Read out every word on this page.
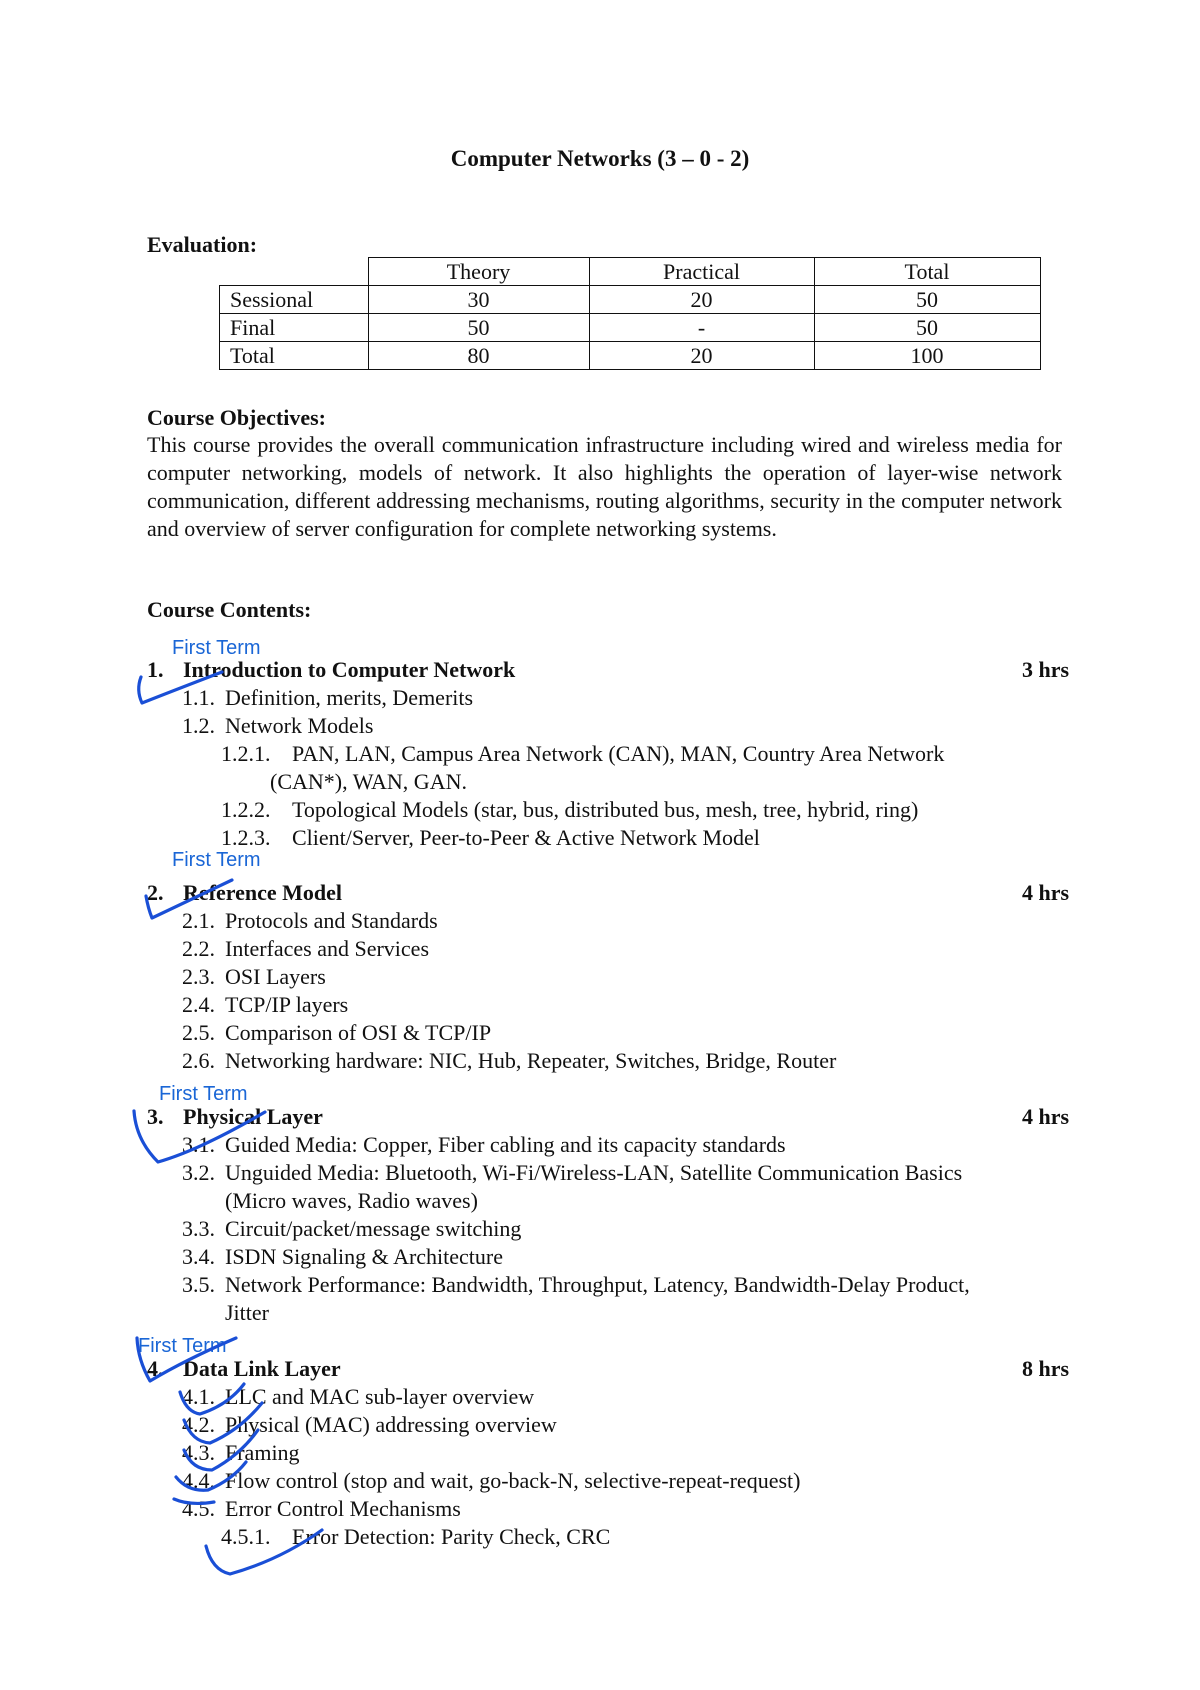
Computer Networks (3 – 0 - 2)
Evaluation:
	Theory	Practical	Total
Sessional	30	20	50
Final	50	-	50
Total	80	20	100
Course Objectives:
This course provides the overall communication infrastructure including wired and wireless media for computer networking, models of network. It also highlights the operation of layer-wise network communication, different addressing mechanisms, routing algorithms, security in the computer network and overview of server configuration for complete networking systems.
Course Contents:
First Term
1. Introduction to Computer Network	3 hrs
1.1. Definition, merits, Demerits
1.2. Network Models
1.2.1. PAN, LAN, Campus Area Network (CAN), MAN, Country Area Network
(CAN*), WAN, GAN.
1.2.2. Topological Models (star, bus, distributed bus, mesh, tree, hybrid, ring)
1.2.3. Client/Server, Peer-to-Peer & Active Network Model
First Term
2. Reference Model	4 hrs
2.1. Protocols and Standards
2.2. Interfaces and Services
2.3. OSI Layers
2.4. TCP/IP layers
2.5. Comparison of OSI & TCP/IP
2.6. Networking hardware: NIC, Hub, Repeater, Switches, Bridge, Router
First Term
3. Physical Layer	4 hrs
3.1. Guided Media: Copper, Fiber cabling and its capacity standards
3.2. Unguided Media: Bluetooth, Wi-Fi/Wireless-LAN, Satellite Communication Basics
(Micro waves, Radio waves)
3.3. Circuit/packet/message switching
3.4. ISDN Signaling & Architecture
3.5. Network Performance: Bandwidth, Throughput, Latency, Bandwidth-Delay Product,
Jitter
First Term
4. Data Link Layer	8 hrs
4.1. LLC and MAC sub-layer overview
4.2. Physical (MAC) addressing overview
4.3. Framing
4.4. Flow control (stop and wait, go-back-N, selective-repeat-request)
4.5. Error Control Mechanisms
4.5.1. Error Detection: Parity Check, CRC
